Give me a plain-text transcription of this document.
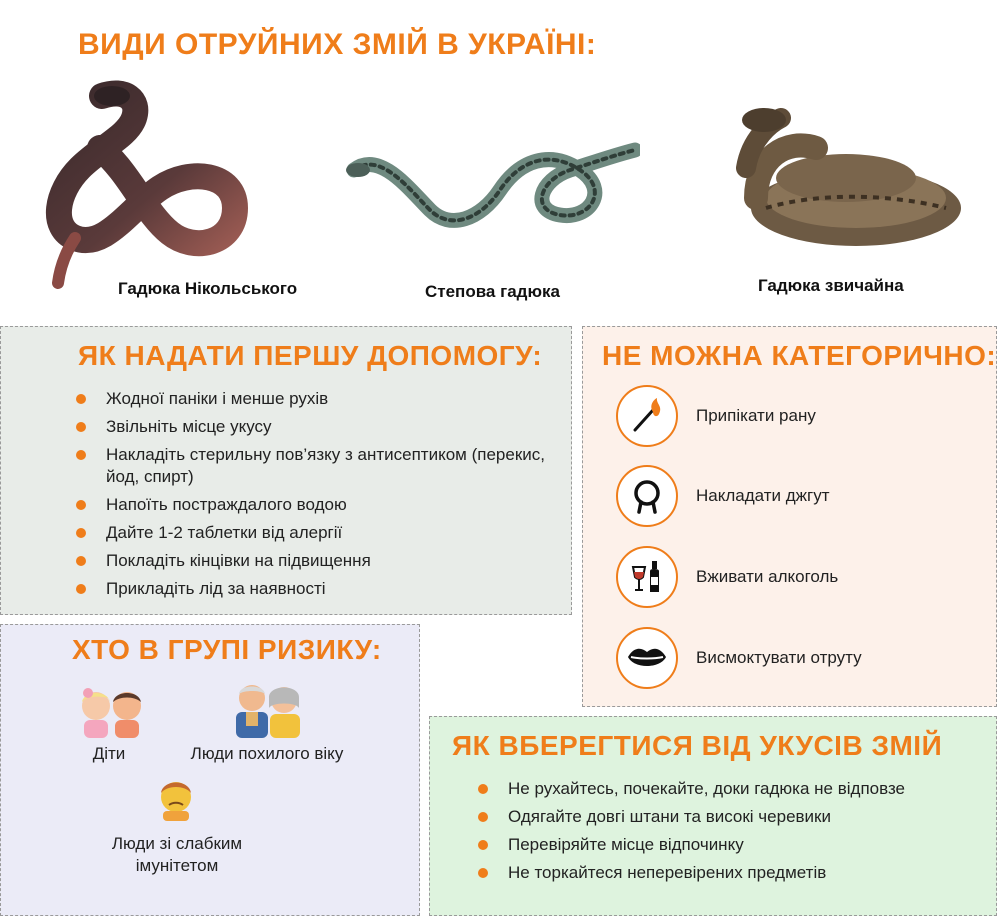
ВИДИ ОТРУЙНИХ ЗМІЙ В УКРАЇНІ:
Гадюка Нікольського	Степова гадюка	Гадюка звичайна
ЯК НАДАТИ ПЕРШУ ДОПОМОГУ:
Жодної паніки і менше рухів
Звільніть місце укусу
Накладіть стерильну пов’язку з антисептиком (перекис, йод, спирт)
Напоїть постраждалого водою
Дайте 1-2 таблетки від алергії
Покладіть кінцівки на підвищення
Прикладіть лід за наявності
НЕ МОЖНА КАТЕГОРИЧНО:
Припікати рану
Накладати джгут
Вживати алкоголь
Висмоктувати отруту
ХТО В ГРУПІ РИЗИКУ:
Діти	Люди похилого віку
Люди зі слабким імунітетом
ЯК ВБЕРЕГТИСЯ ВІД УКУСІВ ЗМІЙ
Не рухайтесь, почекайте, доки гадюка не відповзе
Одягайте довгі штани та високі черевики
Перевіряйте місце відпочинку
Не торкайтеся неперевірених предметів
